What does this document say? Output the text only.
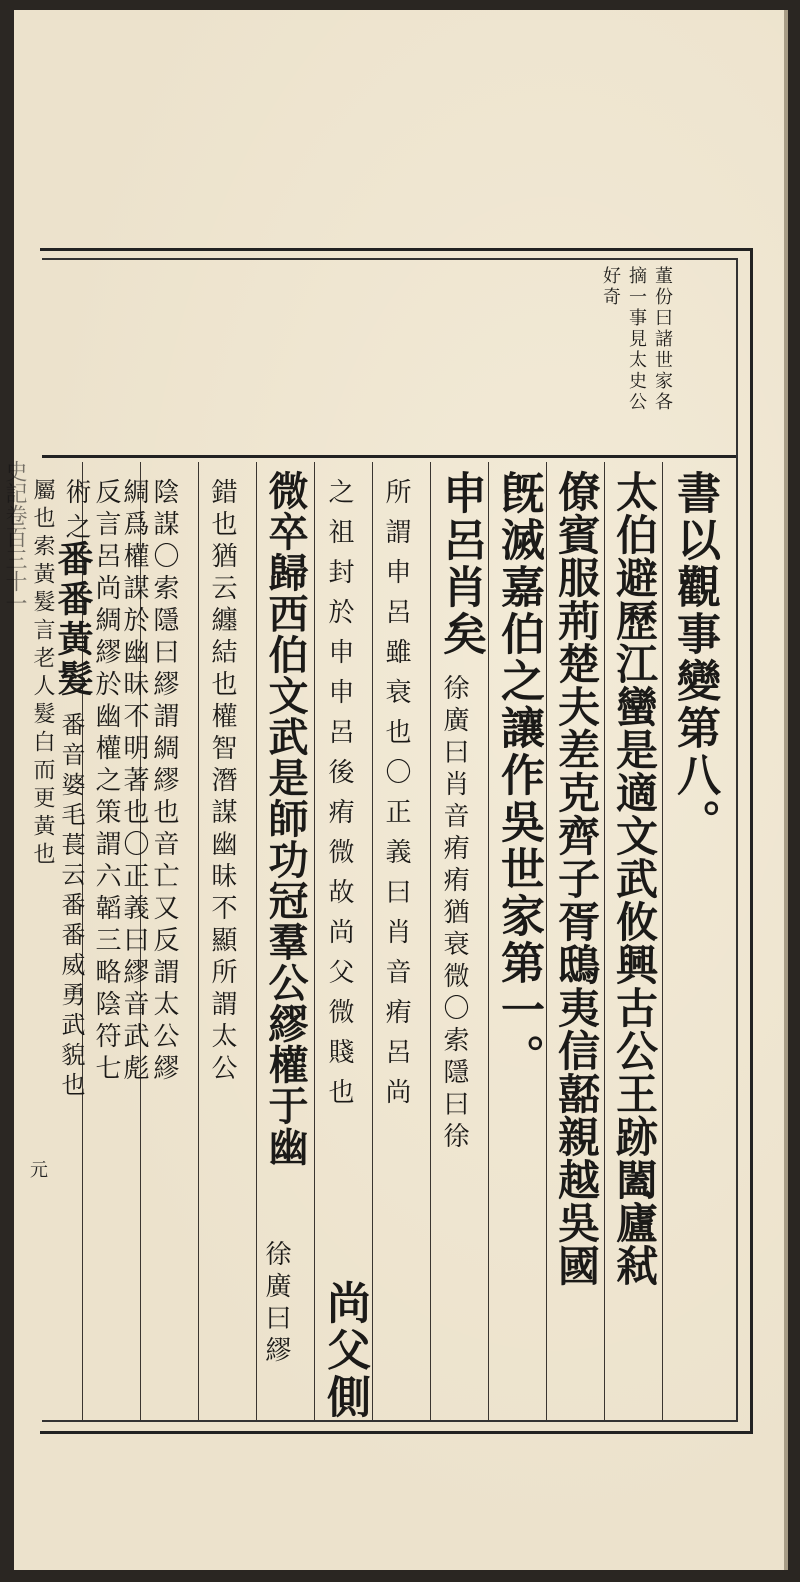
董份曰諸世家各
摘一事見太史公
好奇
書以觀事變第八。
太伯避歷江蠻是適文武攸興古公王跡闔廬弒
僚賓服荊楚夫差克齊子胥鴟夷信嚭親越吳國
旣滅嘉伯之讓作吳世家第一。
申呂肖矣
徐廣曰肖音痏痏猶衰微〇索隱曰徐
所謂申呂雖衰也〇正義曰肖音痏呂尚
之祖封於申申呂後痏微故尚父微賤也
尚父側
微卒歸西伯文武是師功冠羣公繆權于幽
徐廣曰繆
錯也猶云纏結也權智潛謀幽昧不顯所謂太公
陰謀〇索隱曰繆謂綢繆也音亡又反謂太公繆
綢爲權謀於幽昧不明著也〇正義曰繆音武彪
反言呂尚綢繆於幽權之策謂六韜三略陰符七
術之
番番黃髮
番音婆毛萇云番番威勇武貌也
屬也索黃髮言老人髮白而更黃也
史記卷百三十一
元
